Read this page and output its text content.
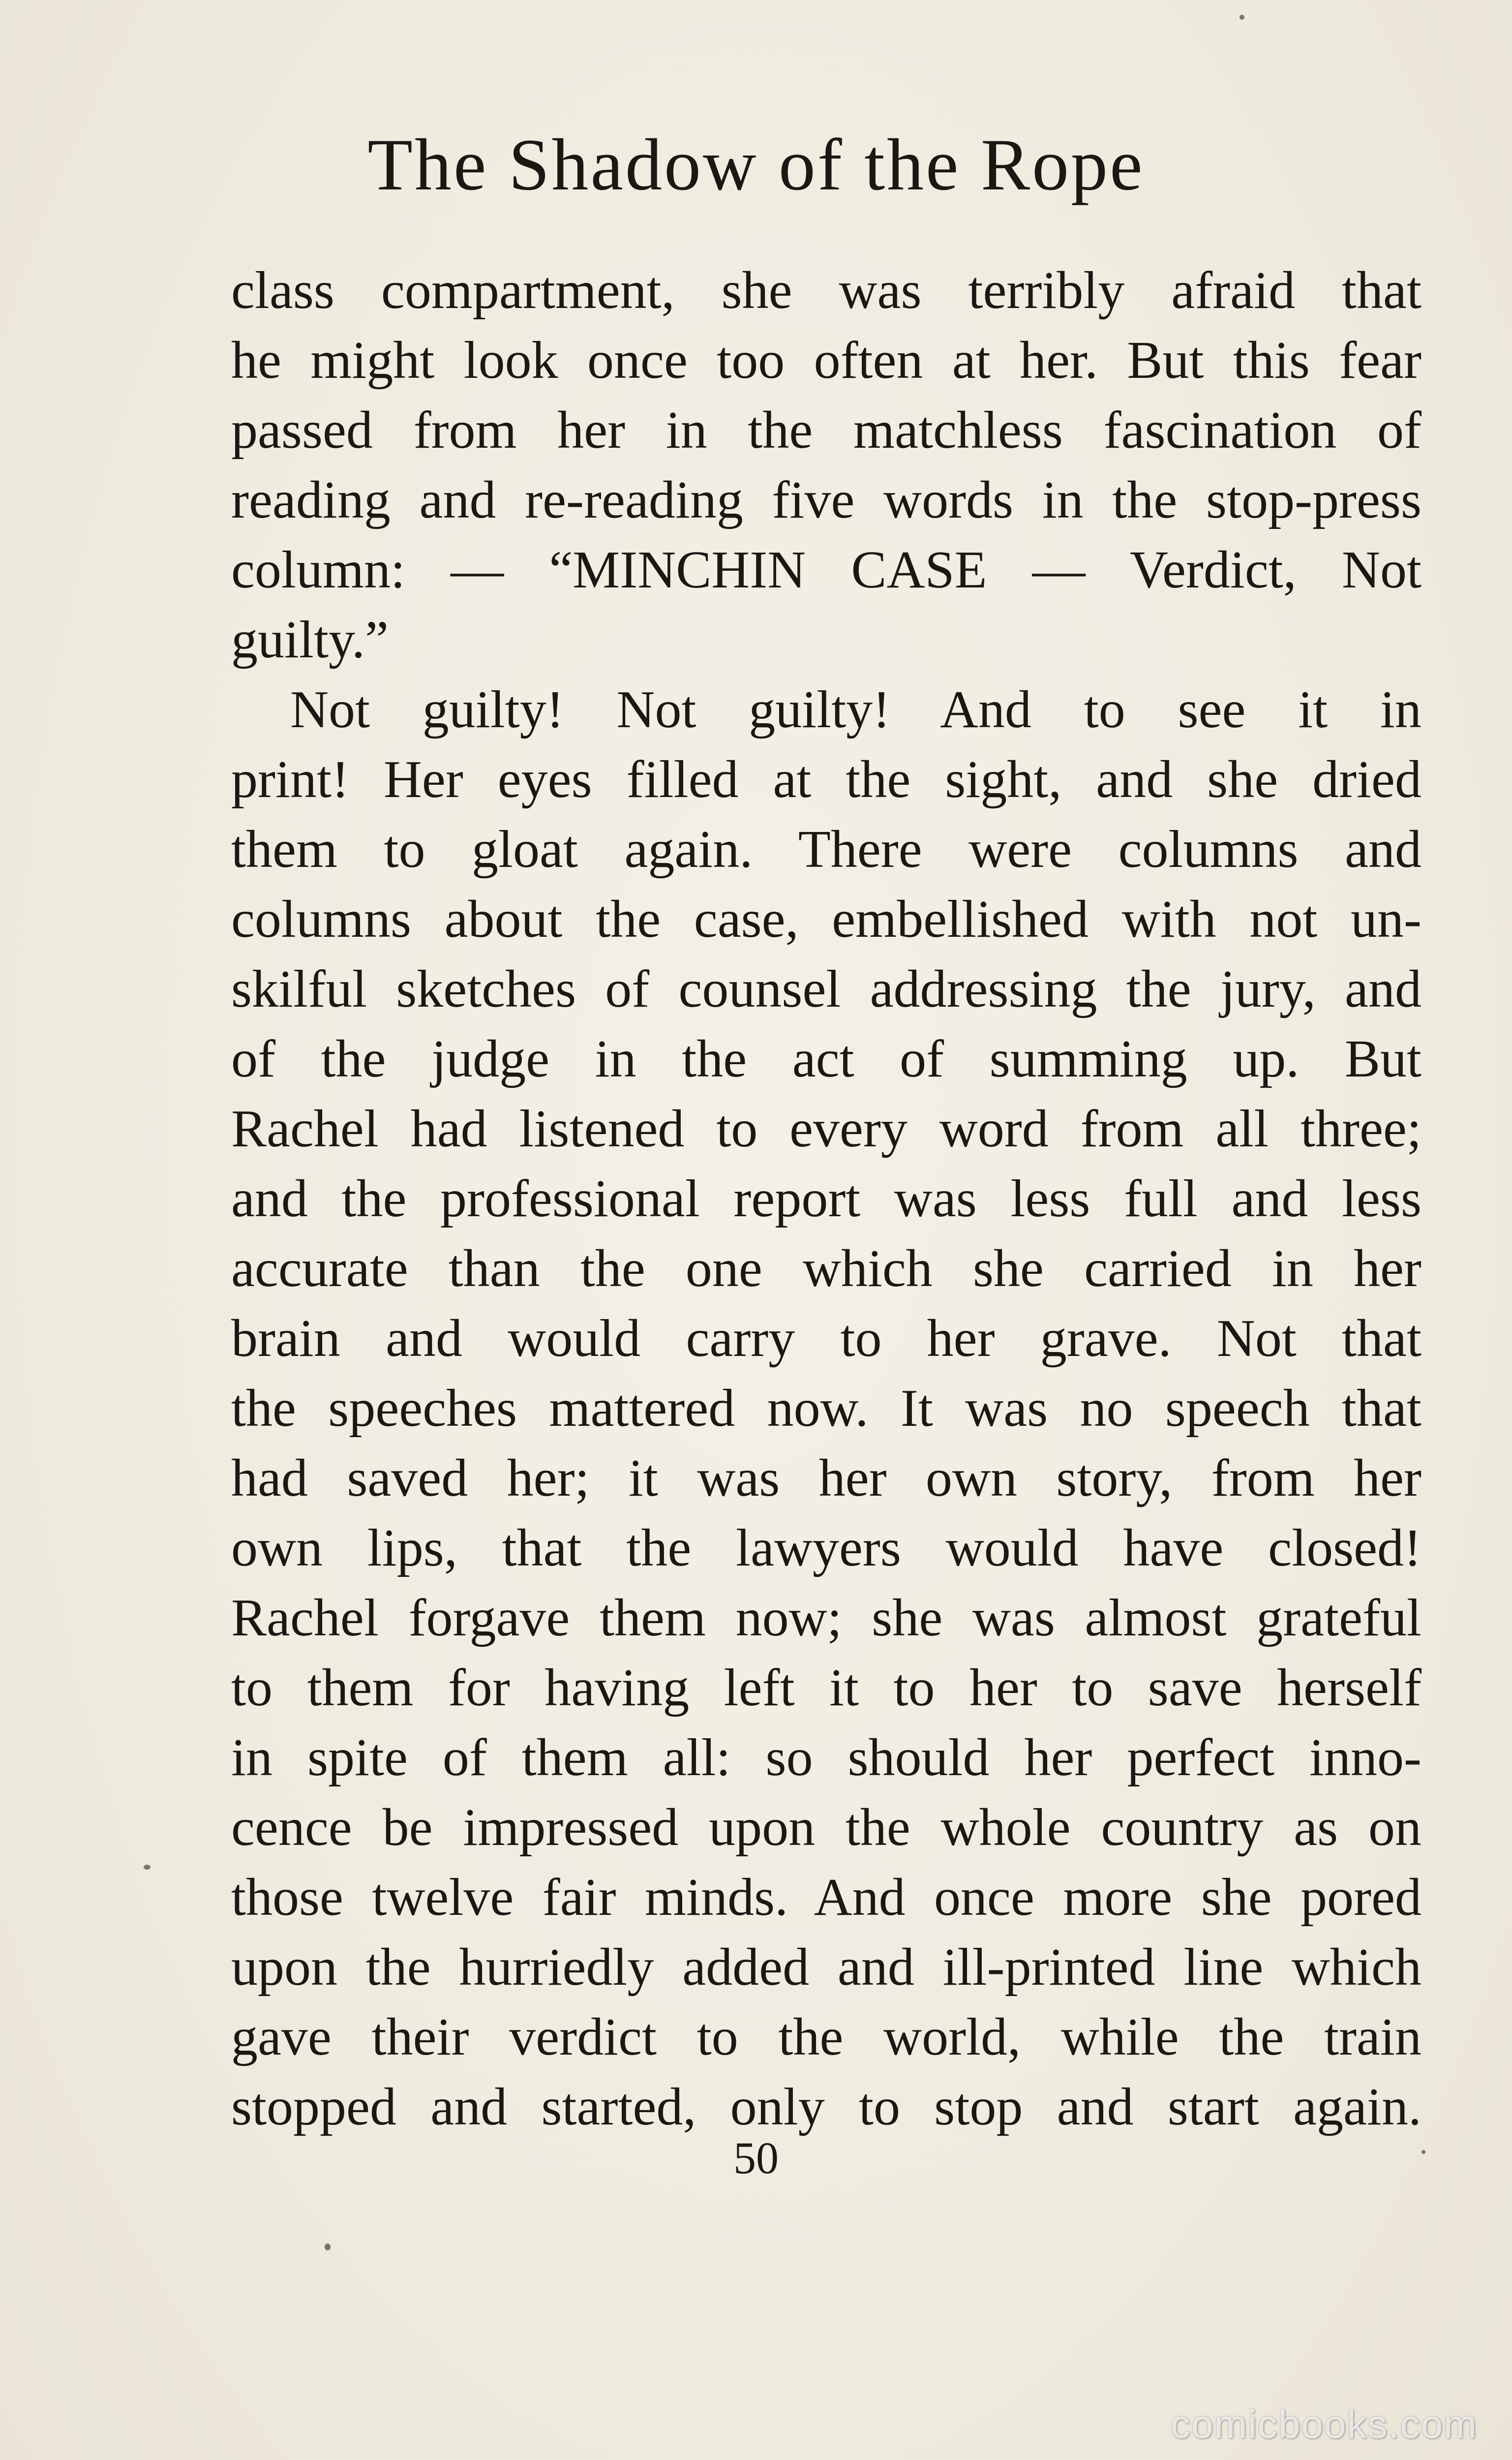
The Shadow of the Rope
class compartment, she was terribly afraid that
he might look once too often at her. But this fear
passed from her in the matchless fascination of
reading and re-reading five words in the stop-press
column: — “MINCHIN CASE — Verdict, Not
guilty.”
Not guilty! Not guilty! And to see it in
print! Her eyes filled at the sight, and she dried
them to gloat again. There were columns and
columns about the case, embellished with not un-
skilful sketches of counsel addressing the jury, and
of the judge in the act of summing up. But
Rachel had listened to every word from all three;
and the professional report was less full and less
accurate than the one which she carried in her
brain and would carry to her grave. Not that
the speeches mattered now. It was no speech that
had saved her; it was her own story, from her
own lips, that the lawyers would have closed!
Rachel forgave them now; she was almost grateful
to them for having left it to her to save herself
in spite of them all: so should her perfect inno-
cence be impressed upon the whole country as on
those twelve fair minds. And once more she pored
upon the hurriedly added and ill-printed line which
gave their verdict to the world, while the train
stopped and started, only to stop and start again.
50
comicbooks.com
